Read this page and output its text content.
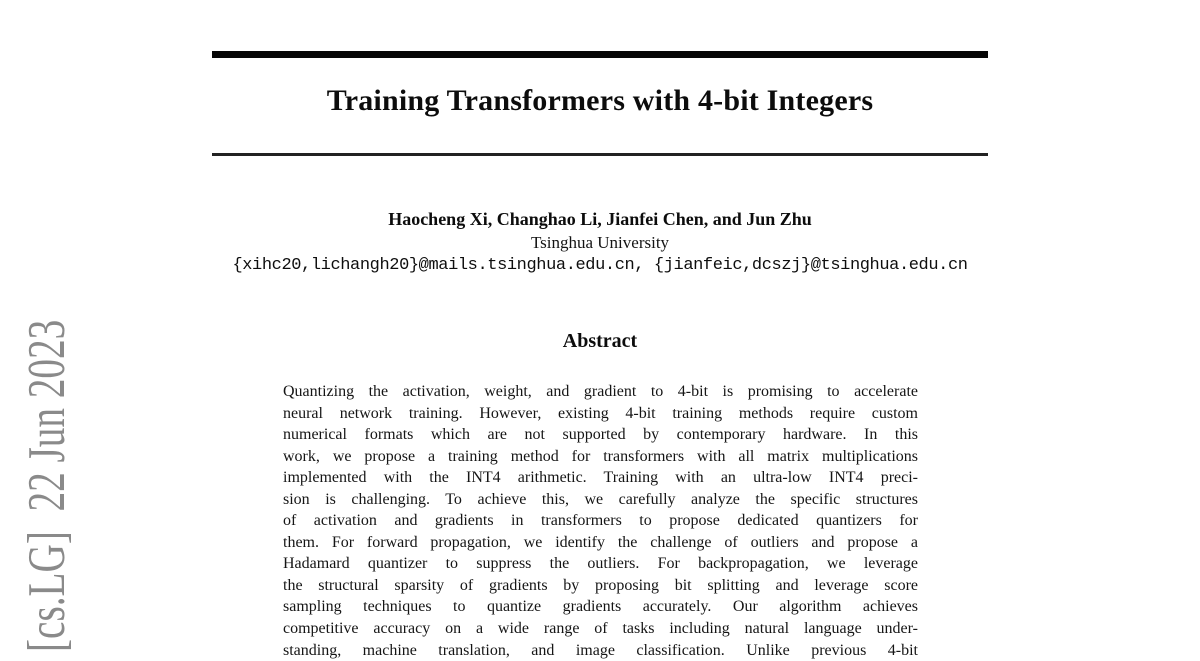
[cs.LG]  22 Jun 2023
Training Transformers with 4-bit Integers
Haocheng Xi, Changhao Li, Jianfei Chen, and Jun Zhu
Tsinghua University
{xihc20,lichangh20}@mails.tsinghua.edu.cn, {jianfeic,dcszj}@tsinghua.edu.cn
Abstract
Quantizing the activation, weight, and gradient to 4-bit is promising to accelerate
neural network training. However, existing 4-bit training methods require custom
numerical formats which are not supported by contemporary hardware. In this
work, we propose a training method for transformers with all matrix multiplications
implemented with the INT4 arithmetic. Training with an ultra-low INT4 preci-
sion is challenging. To achieve this, we carefully analyze the specific structures
of activation and gradients in transformers to propose dedicated quantizers for
them. For forward propagation, we identify the challenge of outliers and propose a
Hadamard quantizer to suppress the outliers. For backpropagation, we leverage
the structural sparsity of gradients by proposing bit splitting and leverage score
sampling techniques to quantize gradients accurately. Our algorithm achieves
competitive accuracy on a wide range of tasks including natural language under-
standing, machine translation, and image classification. Unlike previous 4-bit
